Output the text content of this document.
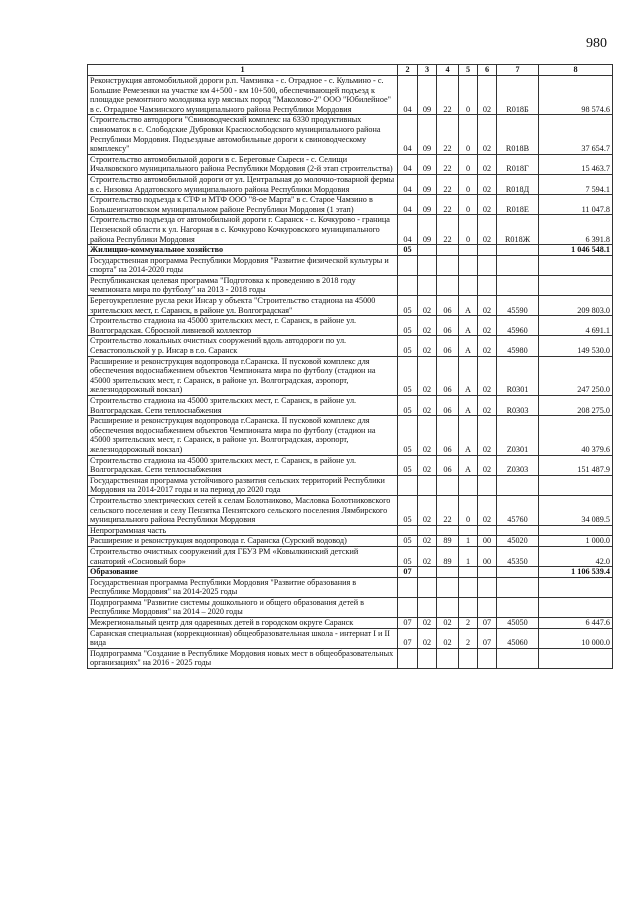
980
1	2	3	4	5	6	7	8
Реконструкция автомобильной дороги р.п. Чамзинка - с. Отрадное - с. Кульмино - с. Большие Ремезенки на участке км 4+500 - км 10+500, обеспечивающей подъезд к площадке ремонтного молодняка кур мясных пород "Маколово-2" ООО "Юбилейное" в с. Отрадное Чамзинского муниципального района Республики Мордовия	04	09	22	0	02	R018Б	98 574.6
Строительство автодороги "Свиноводческий комплекс на 6330 продуктивных свиноматок в с. Слободские Дубровки Краснослободского муниципального района Республики Мордовия. Подъездные автомобильные дороги к свиноводческому комплексу"	04	09	22	0	02	R018В	37 654.7
Строительство автомобильной дороги в с. Береговые Сыреси - с. Селищи Ичалковского муниципального района Республики Мордовия (2-й этап строительства)	04	09	22	0	02	R018Г	15 463.7
Строительство автомобильной дороги от ул. Центральная до молочно-товарной фермы в с. Низовка Ардатовского муниципального района Республики Мордовия	04	09	22	0	02	R018Д	7 594.1
Строительство подъезда к СТФ и МТФ ООО "8-ое Марта" в с. Старое Чамзино в Большеигнатовском муниципальном районе Республики Мордовия (1 этап)	04	09	22	0	02	R018Е	11 047.8
Строительство подъезда от автомобильной дороги г. Саранск - с. Кочкурово - граница Пензенской области к ул. Нагорная в с. Кочкурово Кочкуровского муниципального района Республики Мордовия	04	09	22	0	02	R018Ж	6 391.8
Жилищно-коммунальное хозяйство	05						1 046 548.1
Государственная программа Республики Мордовия "Развитие физической культуры и спорта" на 2014-2020 годы							
Республиканская целевая программа "Подготовка к проведению в 2018 году чемпионата мира по футболу" на 2013 - 2018 годы							
Берегоукрепление русла реки Инсар у объекта "Строительство стадиона на 45000 зрительских мест, г. Саранск, в районе ул. Волгоградская"	05	02	06	А	02	45590	209 803.0
Строительство стадиона на 45000 зрительских мест, г. Саранск, в районе ул. Волгоградская. Сбросной ливневой коллектор	05	02	06	А	02	45960	4 691.1
Строительство локальных очистных сооружений вдоль автодороги по ул. Севастопольской у р. Инсар в г.о. Саранск	05	02	06	А	02	45980	149 530.0
Расширение и реконструкция водопровода г.Саранска. II пусковой комплекс для обеспечения водоснабжением объектов Чемпионата мира по футболу (стадион на 45000 зрительских мест, г. Саранск, в районе ул. Волгоградская, аэропорт, железнодорожный вокзал)	05	02	06	А	02	R0301	247 250.0
Строительство стадиона на 45000 зрительских мест, г. Саранск, в районе ул. Волгоградская. Сети теплоснабжения	05	02	06	А	02	R0303	208 275.0
Расширение и реконструкция водопровода г.Саранска. II пусковой комплекс для обеспечения водоснабжением объектов Чемпионата мира по футболу (стадион на 45000 зрительских мест, г. Саранск, в районе ул. Волгоградская, аэропорт, железнодорожный вокзал)	05	02	06	А	02	Z0301	40 379.6
Строительство стадиона на 45000 зрительских мест, г. Саранск, в районе ул. Волгоградская. Сети теплоснабжения	05	02	06	А	02	Z0303	151 487.9
Государственная программа устойчивого развития сельских территорий Республики Мордовия на 2014-2017 годы и на период до 2020 года							
Строительство электрических сетей к селам Болотниково, Масловка Болотниковского сельского поселения и селу Пензятка Пензятского сельского поселения Лямбирского муниципального района Республики Мордовия	05	02	22	0	02	45760	34 089.5
Непрограммная часть							
Расширение и реконструкция водопровода г. Саранска (Сурский водовод)	05	02	89	1	00	45020	1 000.0
Строительство очистных сооружений для ГБУЗ РМ «Ковылкинский детский санаторий «Сосновый бор»	05	02	89	1	00	45350	42.0
Образование	07						1 106 539.4
Государственная программа Республики Мордовия "Развитие образования в Республике Мордовия" на 2014-2025 годы							
Подпрограмма "Развитие системы дошкольного и общего образования детей в Республике Мордовия" на 2014 – 2020 годы							
Межрегиональный центр для одаренных детей в городском округе Саранск	07	02	02	2	07	45050	6 447.6
Саранская специальная (коррекционная) общеобразовательная школа - интернат I и II вида	07	02	02	2	07	45060	10 000.0
Подпрограмма "Создание в Республике Мордовия новых мест в общеобразовательных организациях" на 2016 - 2025 годы							
